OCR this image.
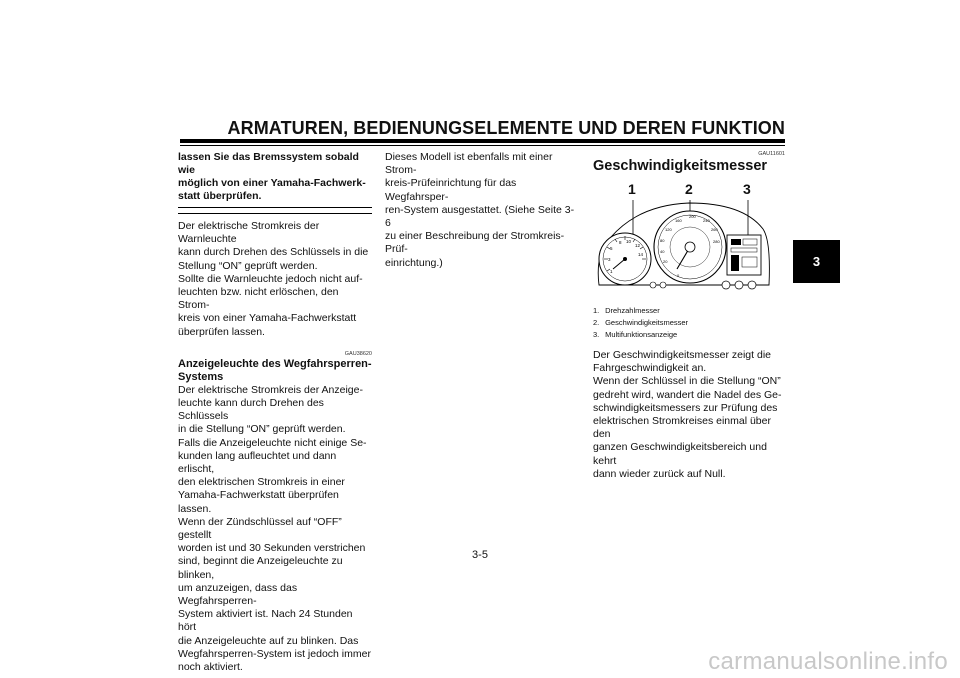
ARMATUREN, BEDIENUNGSELEMENTE UND DEREN FUNKTION
lassen Sie das Bremssystem sobald wie
möglich von einer Yamaha-Fachwerk-
statt überprüfen.

Der elektrische Stromkreis der Warnleuchte
kann durch Drehen des Schlüssels in die
Stellung “ON” geprüft werden.
Sollte die Warnleuchte jedoch nicht auf-
leuchten bzw. nicht erlöschen, den Strom-
kreis von einer Yamaha-Fachwerkstatt
überprüfen lassen.

GAU38620
Anzeigeleuchte des Wegfahrsperren-
Systems

Der elektrische Stromkreis der Anzeige-
leuchte kann durch Drehen des Schlüssels
in die Stellung “ON” geprüft werden.
Falls die Anzeigeleuchte nicht einige Se-
kunden lang aufleuchtet und dann erlischt,
den elektrischen Stromkreis in einer
Yamaha-Fachwerkstatt überprüfen lassen.
Wenn der Zündschlüssel auf “OFF” gestellt
worden ist und 30 Sekunden verstrichen
sind, beginnt die Anzeigeleuchte zu blinken,
um anzuzeigen, dass das Wegfahrsperren-
System aktiviert ist. Nach 24 Stunden hört
die Anzeigeleuchte auf zu blinken. Das
Wegfahrsperren-System ist jedoch immer
noch aktiviert.

Dieses Modell ist ebenfalls mit einer Strom-
kreis-Prüfeinrichtung für das Wegfahrsper-
ren-System ausgestattet. (Siehe Seite 3-6
zu einer Beschreibung der Stromkreis-Prüf-
einrichtung.)

GAU11601
Geschwindigkeitsmesser
1	2	3
1
3
5
8 10
12
14
20
40
80
120
160
200
240
260
280
0
1. Drehzahlmesser
2. Geschwindigkeitsmesser
3. Multifunktionsanzeige

Der Geschwindigkeitsmesser zeigt die
Fahrgeschwindigkeit an.
Wenn der Schlüssel in die Stellung “ON”
gedreht wird, wandert die Nadel des Ge-
schwindigkeitsmessers zur Prüfung des
elektrischen Stromkreises einmal über den
ganzen Geschwindigkeitsbereich und kehrt
dann wieder zurück auf Null.

3
3-5
carmanualsonline.info
